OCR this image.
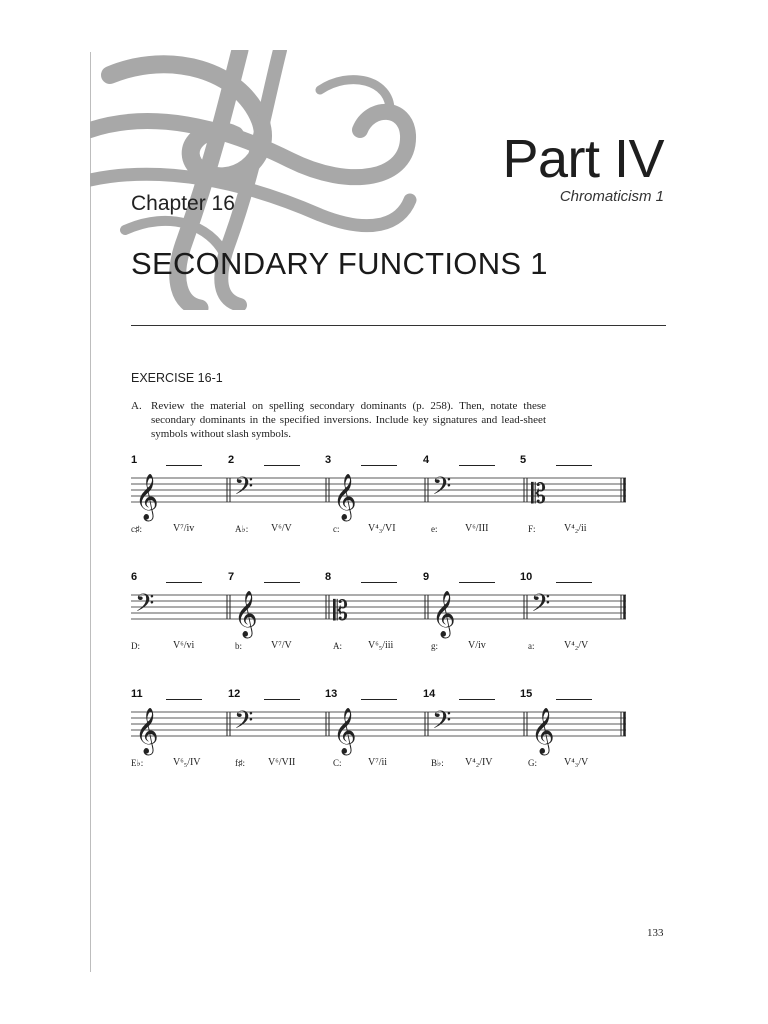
Part IV
Chromaticism 1
Chapter 16
SECONDARY FUNCTIONS 1
EXERCISE 16-1
A. Review the material on spelling secondary dominants (p. 258). Then, notate these secondary dominants in the specified inversions. Include key signatures and lead-sheet symbols without slash symbols.
1	2	3	4	5
𝄞	𝄢 𝄞	𝄢	𝄡
c♯:	V⁷/iv	A♭: V⁶/V	c:	V⁴₃/VI	e:	V⁶/III	F:	V⁴₂/ii
6	7	8	9	10
𝄢 𝄞	𝄡 𝄞	𝄢
D:	V⁶/vi	b:	V⁷/V	A:	V⁶₅/iii	g:	V/iv	a:	V⁴₂/V
11	12	13	14	15
𝄞	𝄢 𝄞	𝄢 𝄞
E♭:	V⁶₅/IV	f♯: V⁶/VII	C:	V⁷/ii	B♭: V⁴₂/IV	G:	V⁴₃/V
133
